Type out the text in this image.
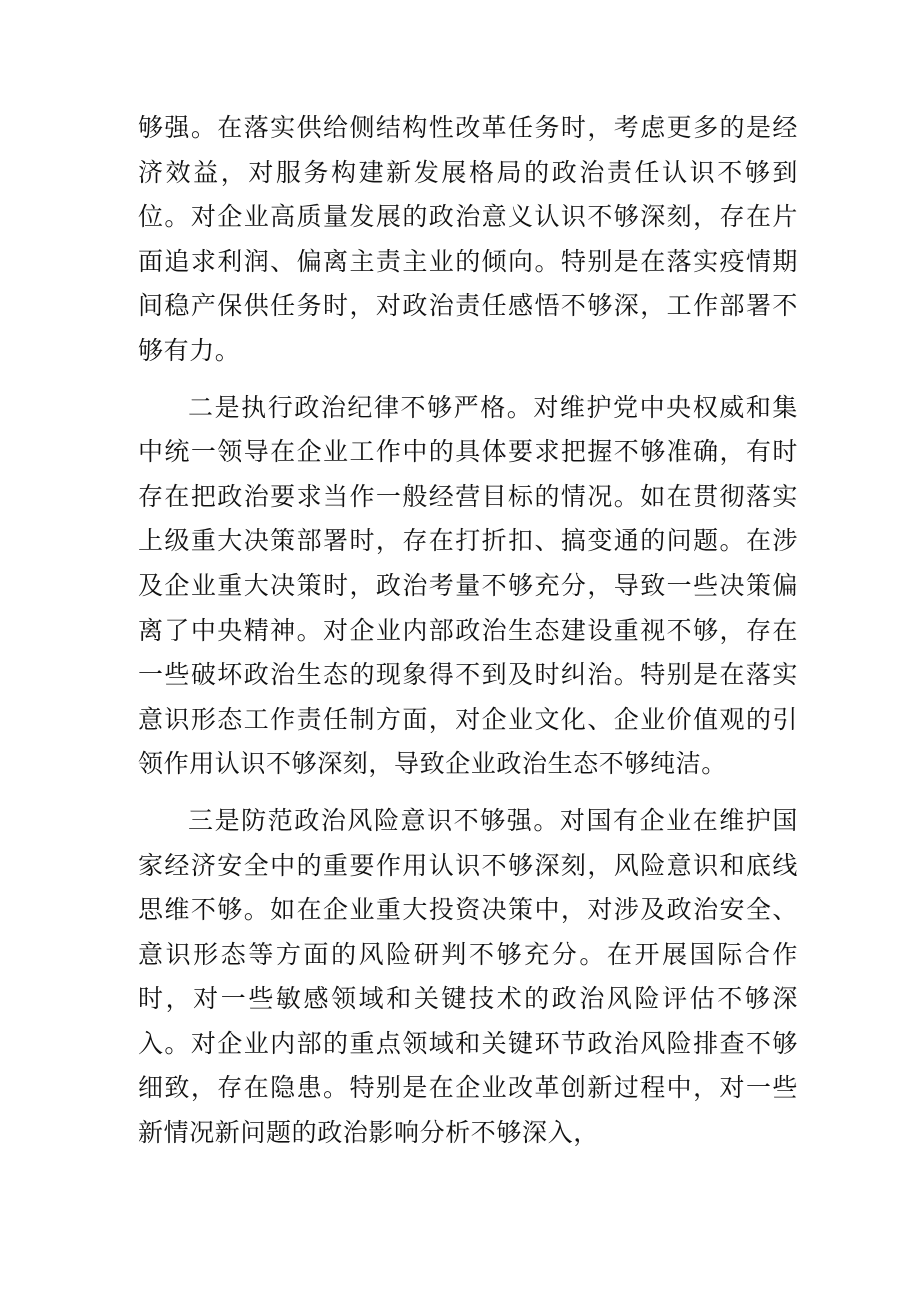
够强。在落实供给侧结构性改革任务时，考虑更多的是经济效益，对服务构建新发展格局的政治责任认识不够到位。对企业高质量发展的政治意义认识不够深刻，存在片面追求利润、偏离主责主业的倾向。特别是在落实疫情期间稳产保供任务时，对政治责任感悟不够深，工作部署不够有力。

二是执行政治纪律不够严格。对维护党中央权威和集中统一领导在企业工作中的具体要求把握不够准确，有时存在把政治要求当作一般经营目标的情况。如在贯彻落实上级重大决策部署时，存在打折扣、搞变通的问题。在涉及企业重大决策时，政治考量不够充分，导致一些决策偏离了中央精神。对企业内部政治生态建设重视不够，存在一些破坏政治生态的现象得不到及时纠治。特别是在落实意识形态工作责任制方面，对企业文化、企业价值观的引领作用认识不够深刻，导致企业政治生态不够纯洁。

三是防范政治风险意识不够强。对国有企业在维护国家经济安全中的重要作用认识不够深刻，风险意识和底线思维不够。如在企业重大投资决策中，对涉及政治安全、意识形态等方面的风险研判不够充分。在开展国际合作时，对一些敏感领域和关键技术的政治风险评估不够深入。对企业内部的重点领域和关键环节政治风险排查不够细致，存在隐患。特别是在企业改革创新过程中，对一些新情况新问题的政治影响分析不够深入，
